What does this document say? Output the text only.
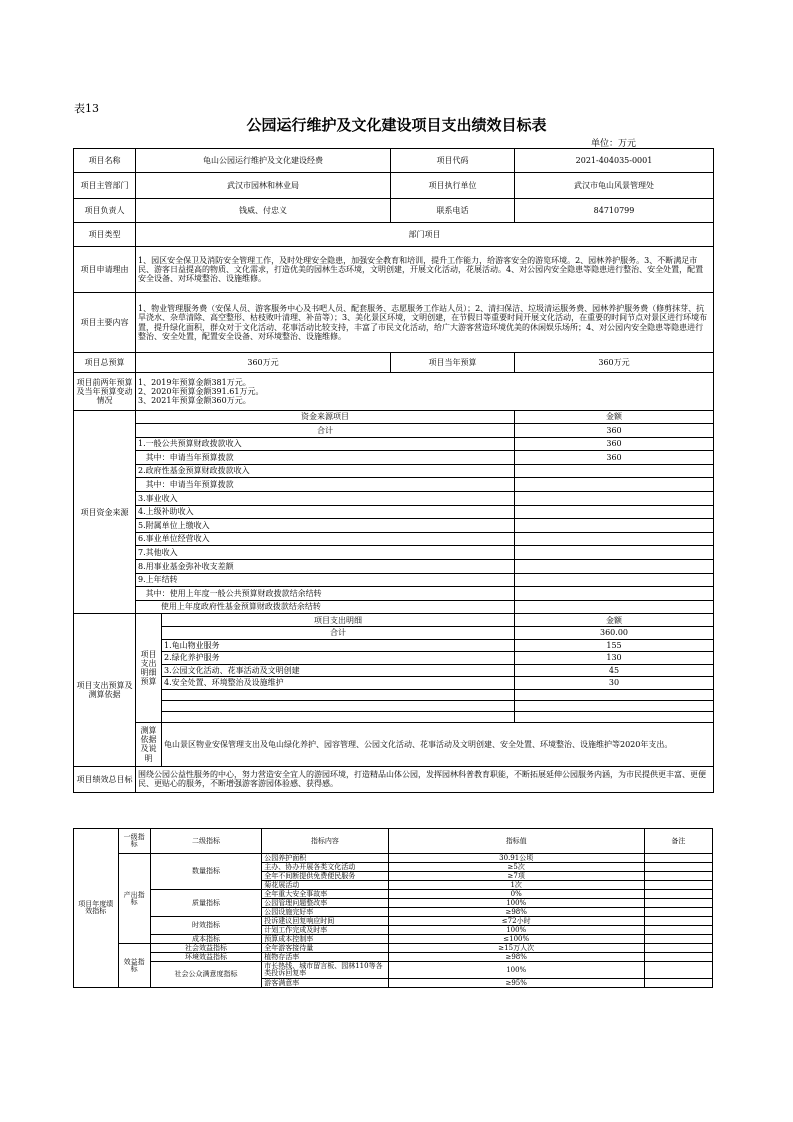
表13
公园运行维护及文化建设项目支出绩效目标表
单位：万元
项目名称	龟山公园运行维护及文化建设经费		项目代码	2021-404035-0001
项目主管部门	武汉市园林和林业局		项目执行单位	武汉市龟山风景管理处
项目负责人	钱威、付忠义		联系电话	84710799
项目类型	部门项目			
项目申请理由	1、园区安全保卫及消防安全管理工作，及时处理安全隐患，加强安全教育和培训，提升工作能力，给游客安全的游览环境。2、园林养护服务。3、不断满足市民、游客日益提高的物质、文化需求，打造优美的园林生态环境，文明创建，开展文化活动，花展活动。4、对公园内安全隐患等隐患进行整治、安全处置，配置安全设备、对环境整治、设施维修。			
项目主要内容	1、物业管理服务费（安保人员、游客服务中心及书吧人员、配套服务、志愿服务工作站人员）；2、清扫保洁、垃圾清运服务费、园林养护服务费（修剪抹芽、抗旱浇水、杂草清除、高空整形、枯枝败叶清理、补苗等）；3、美化景区环境，文明创建，在节假日等重要时间开展文化活动，在重要的时间节点对景区进行环境布置，提升绿化面积，群众对于文化活动、花事活动比较支持，丰富了市民文化活动，给广大游客营造环境优美的休闲娱乐场所；4、对公园内安全隐患等隐患进行整治、安全处置，配置安全设备、对环境整治、设施维修。			
项目总预算	360万元		项目当年预算	360万元
项目前两年预算及当年预算变动情况	1、2019年预算金额381万元。
2、2020年预算金额391.61万元。
3、2021年预算金额360万元。			

项目资金来源	资金来源项目			金额
	合计			360
	1.一般公共预算财政拨款收入			360
	其中：申请当年预算拨款			360
	2.政府性基金预算财政拨款收入			
	其中：申请当年预算拨款			
	3.事业收入			
	4.上级补助收入			
	5.附属单位上缴收入			
	6.事业单位经营收入			
	7.其他收入			
	8.用事业基金弥补收支差额			
	9.上年结转			
	其中：使用上年度一般公共预算财政拨款结余结转			
	使用上年度政府性基金预算财政拨款结余结转			
项目支出预算及测算依据	项目支出明细预算	项目支出明细		金额
		合计		360.00
		1.龟山物业服务		155
		2.绿化养护服务		130
		3.公园文化活动、花事活动及文明创建		45
		4.安全处置、环境整治及设施维护		30

	测算依据及说明	龟山景区物业安保管理支出及龟山绿化养护、园容管理、公园文化活动、花事活动及文明创建、安全处置、环境整治、设施维护等2020年支出。		
项目绩效总目标	围绕公园公益性服务的中心，努力营造安全宜人的游园环境，打造精品山体公园，发挥园林科普教育职能，不断拓展延伸公园服务内涵，为市民提供更丰富、更便民、更贴心的服务，不断增强游客游园体验感、获得感。			
项目年度绩效指标	一级指标	二级指标	指标内容	指标值	备注
	产出指标	数量指标	公园养护面积	30.91公顷	
			主办、协办开展各类文化活动	≥5次	
			全年不间断提供免费便民服务	≥7项	
			菊花展活动	1次	
		质量指标	全年重大安全事故率	0%	
			公园管理问题整改率	100%	
			公园设施完好率	≥98%	
		时效指标	投诉建议回复响应时间	≤72小时	
			计划工作完成及时率	100%	
		成本指标	预算成本控制率	≤100%	
	效益指标	社会效益指标	全年游客接待量	≥15万人次	
		环境效益指标	植物存活率	≥98%	
		社会公众满意度指标	市长热线、城市留言板、园林110等各类投诉回复率	100%	
			游客满意率	≥95%	
